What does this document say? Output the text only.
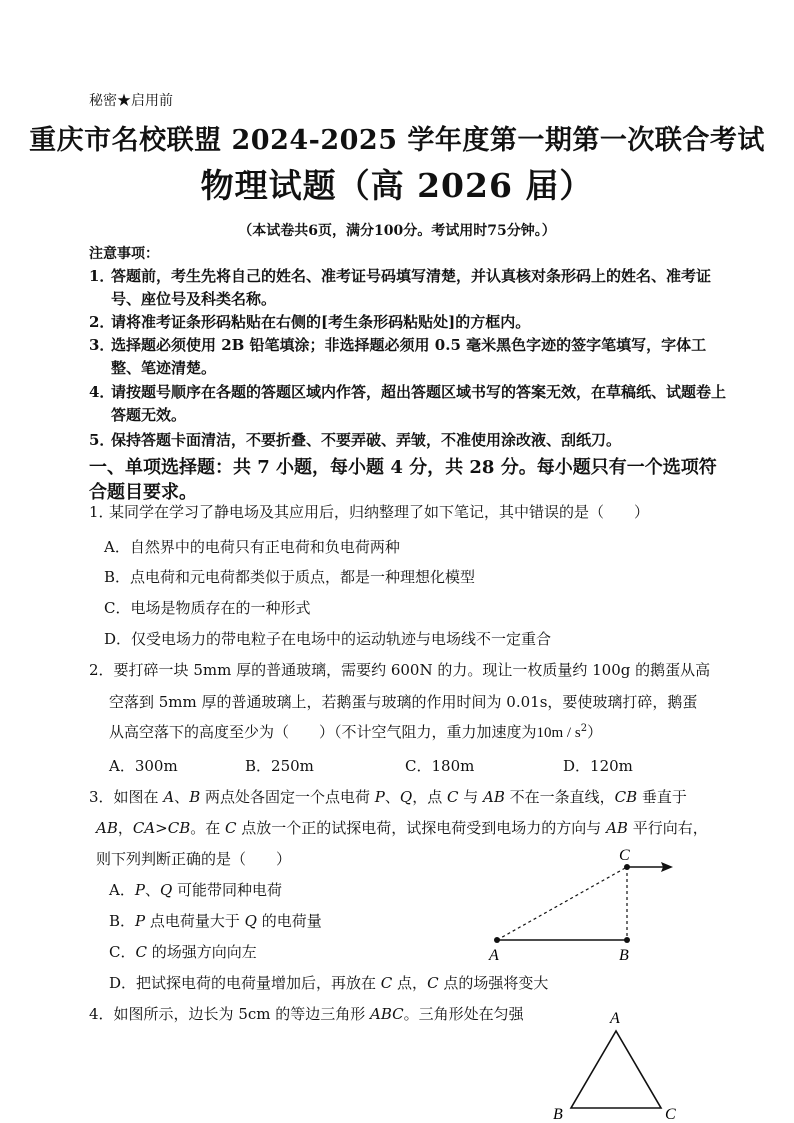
秘密★启用前
重庆市名校联盟 2024-2025 学年度第一期第一次联合考试
物理试题（高 2026 届）
（本试卷共6页，满分100分。考试用时75分钟。）
注意事项：
1．
答题前，考生先将自己的姓名、准考证号码填写清楚，并认真核对条形码上的姓名、准考证号、座位号及科类名称。
2．
请将准考证条形码粘贴在右侧的[考生条形码粘贴处]的方框内。
3．
选择题必须使用 2B 铅笔填涂；非选择题必须用 0.5 毫米黑色字迹的签字笔填写，字体工整、笔迹清楚。
4．
请按题号顺序在各题的答题区域内作答，超出答题区域书写的答案无效，在草稿纸、试题卷上答题无效。
5．
保持答题卡面清洁，不要折叠、不要弄破、弄皱，不准使用涂改液、刮纸刀。
一、单项选择题：共 7 小题，每小题 4 分，共 28 分。每小题只有一个选项符合题目要求。
1．
某同学在学习了静电场及其应用后，归纳整理了如下笔记，其中错误的是（　　）
A．自然界中的电荷只有正电荷和负电荷两种
B．点电荷和元电荷都类似于质点，都是一种理想化模型
C．电场是物质存在的一种形式
D．仅受电场力的带电粒子在电场中的运动轨迹与电场线不一定重合
2．要打碎一块 5mm 厚的普通玻璃，需要约 600N 的力。现让一枚质量约 100g 的鹅蛋从高
空落到 5mm 厚的普通玻璃上，若鹅蛋与玻璃的作用时间为 0.01s，要使玻璃打碎，鹅蛋
从高空落下的高度至少为（　　）（不计空气阻力，重力加速度为$10m / s^2$）
A．300m	B．250m	C．180m	D．120m
3．如图在 A、B 两点处各固定一个点电荷 P、Q，点 C 与 AB 不在一条直线，CB 垂直于
AB，CA>CB。在 C 点放一个正的试探电荷，试探电荷受到电场力的方向与 AB 平行向右，
则下列判断正确的是（　　）
A．P、Q 可能带同种电荷
B．P 点电荷量大于 Q 的电荷量
C．C 的场强方向向左
D．把试探电荷的电荷量增加后，再放在 C 点，C 点的场强将变大
C
A	B
4．如图所示，边长为 5cm 的等边三角形 ABC。三角形处在匀强	A
B	C
